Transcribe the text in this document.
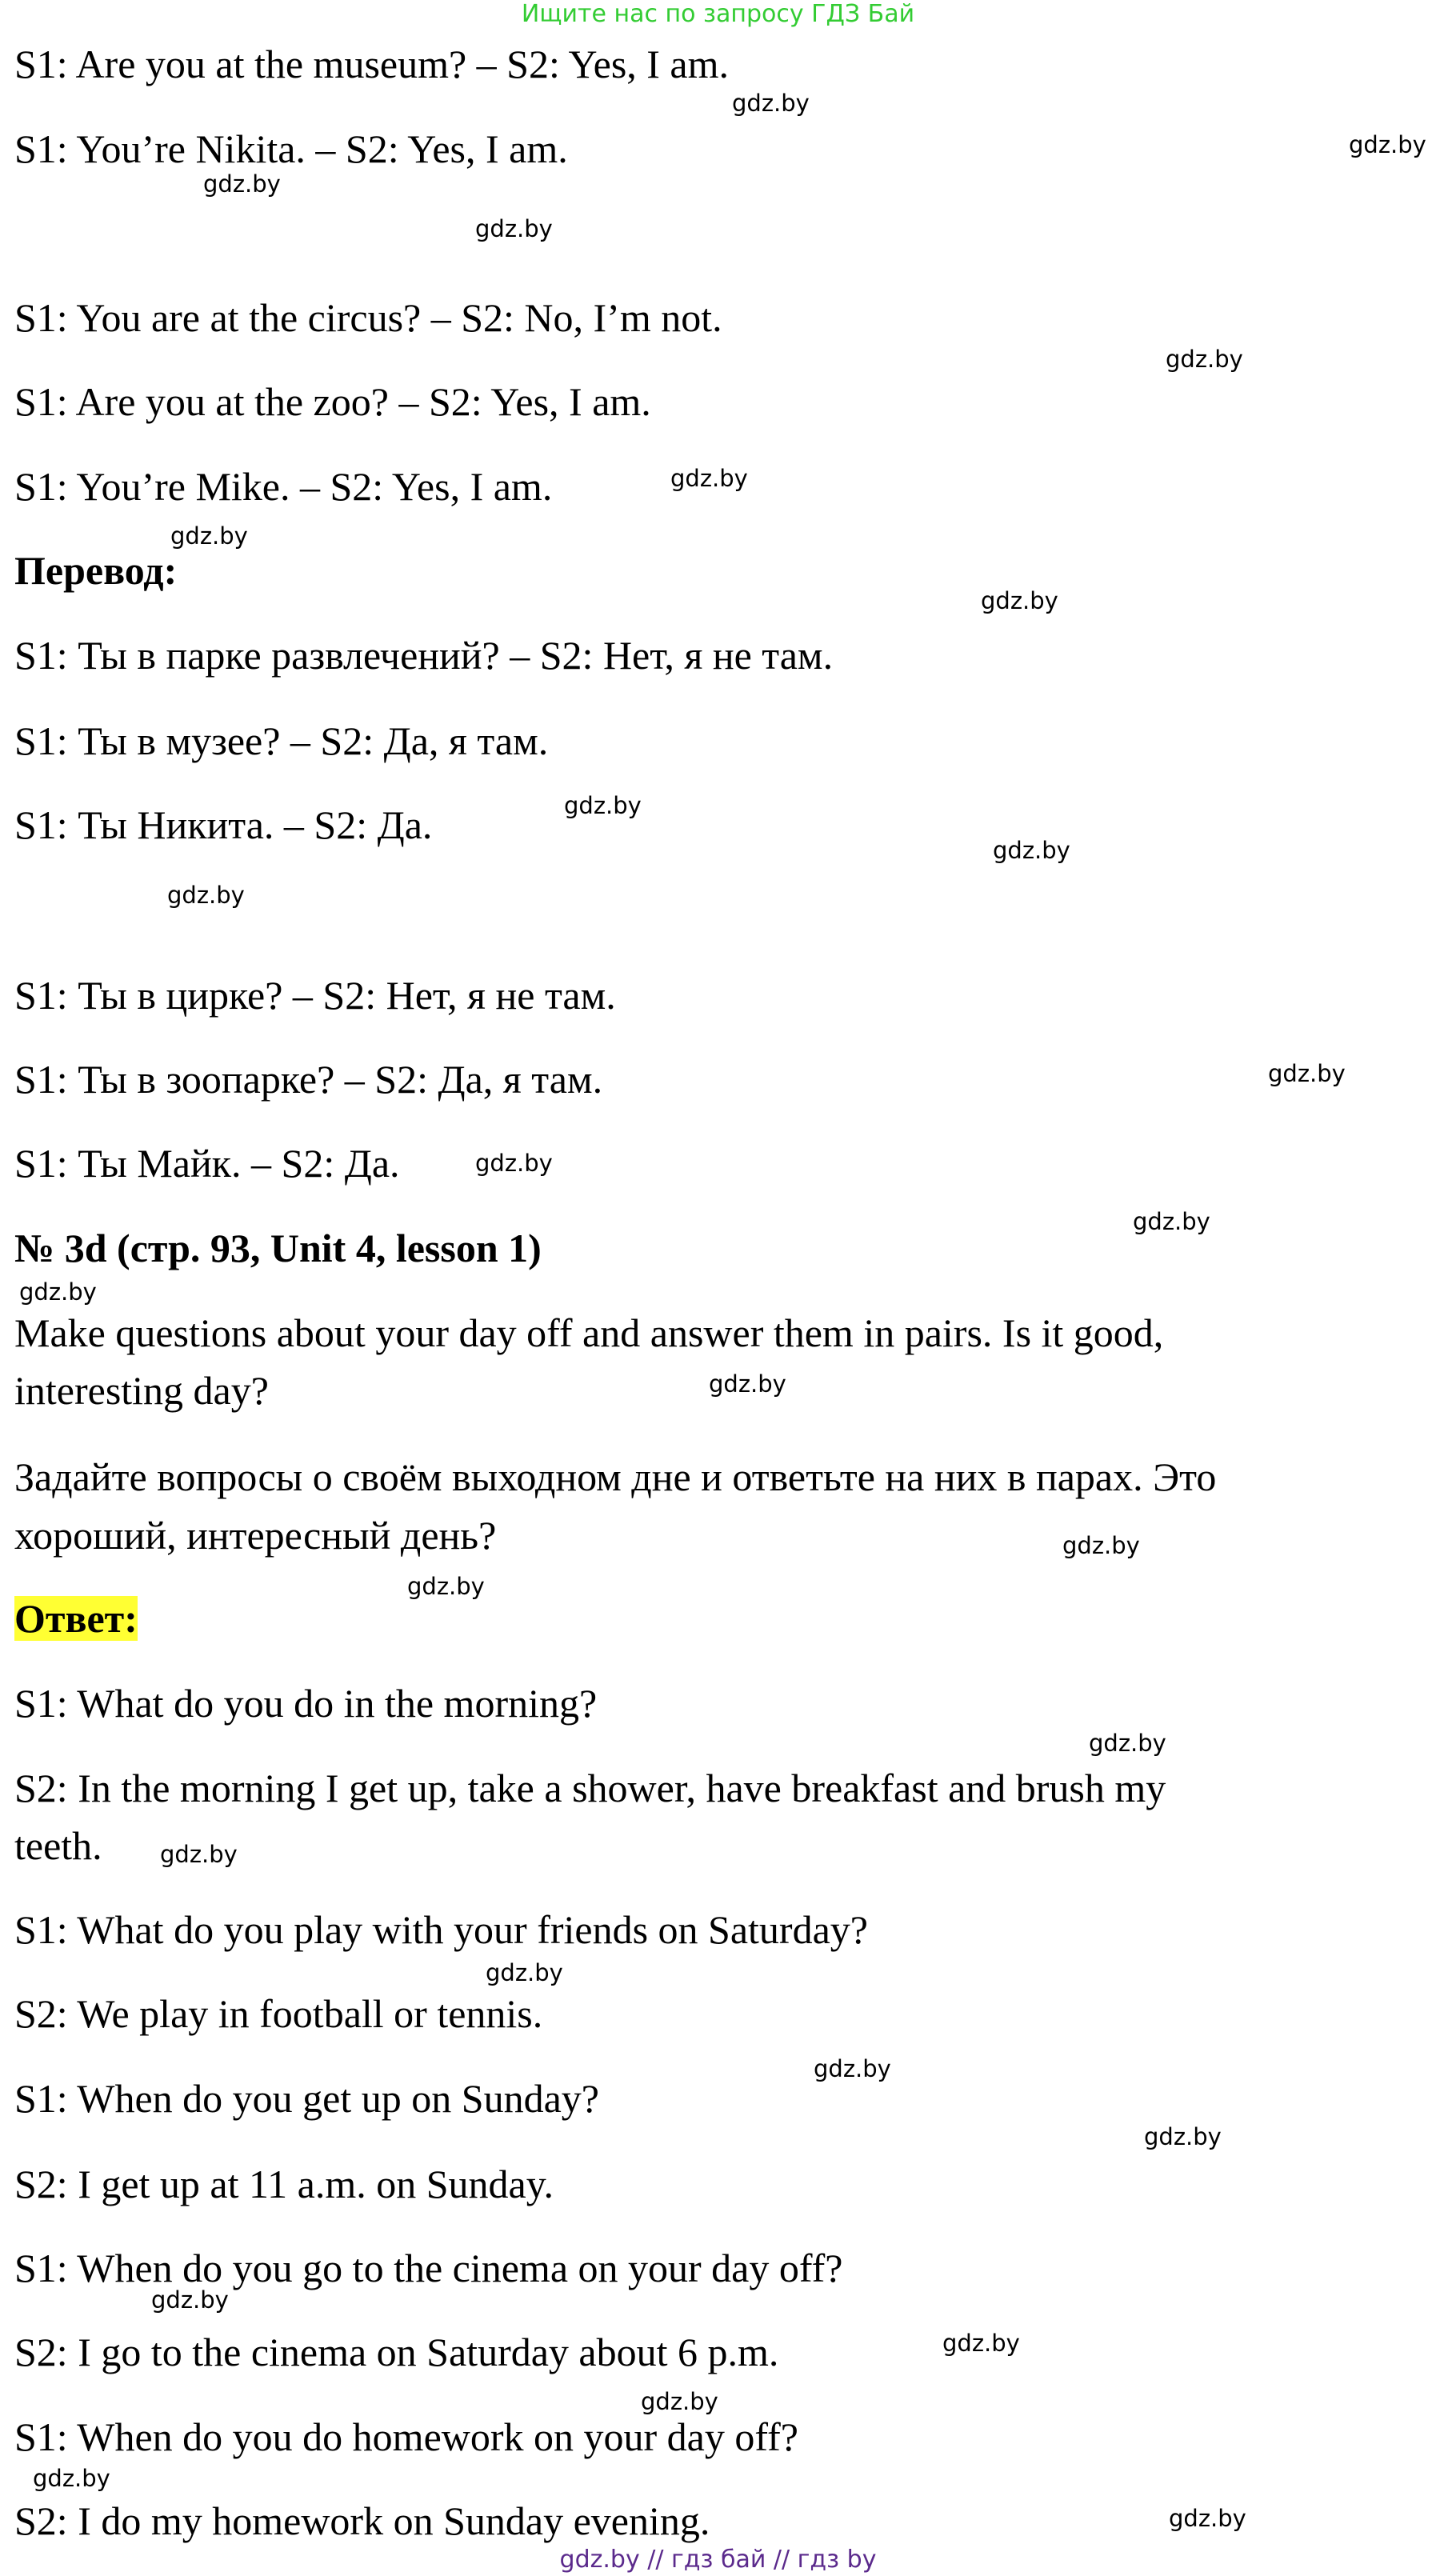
Ищите нас по запросу ГДЗ Бай
S1: Are you at the museum? – S2: Yes, I am.
S1: You’re Nikita. – S2: Yes, I am.
S1: You are at the circus? – S2: No, I’m not.
S1: Are you at the zoo? – S2: Yes, I am.
S1: You’re Mike. – S2: Yes, I am.
Перевод:
S1: Ты в парке развлечений? – S2: Нет, я не там.
S1: Ты в музее? – S2: Да, я там.
S1: Ты Никита. – S2: Да.
S1: Ты в цирке? – S2: Нет, я не там.
S1: Ты в зоопарке? – S2: Да, я там.
S1: Ты Майк. – S2: Да.
№ 3d (стр. 93, Unit 4, lesson 1)
Make questions about your day off and answer them in pairs. Is it good,
interesting day?
Задайте вопросы о своём выходном дне и ответьте на них в парах. Это
хороший, интересный день?
Ответ:
S1: What do you do in the morning?
S2: In the morning I get up, take a shower, have breakfast and brush my
teeth.
S1: What do you play with your friends on Saturday?
S2: We play in football or tennis.
S1: When do you get up on Sunday?
S2: I get up at 11 a.m. on Sunday.
S1: When do you go to the cinema on your day off?
S2: I go to the cinema on Saturday about 6 p.m.
S1: When do you do homework on your day off?
S2: I do my homework on Sunday evening.
gdz.by
gdz.by
gdz.by
gdz.by
gdz.by
gdz.by
gdz.by
gdz.by
gdz.by
gdz.by
gdz.by
gdz.by
gdz.by
gdz.by
gdz.by
gdz.by
gdz.by
gdz.by
gdz.by
gdz.by
gdz.by
gdz.by
gdz.by
gdz.by
gdz.by
gdz.by
gdz.by
gdz.by
gdz.by // гдз бай // гдз by
